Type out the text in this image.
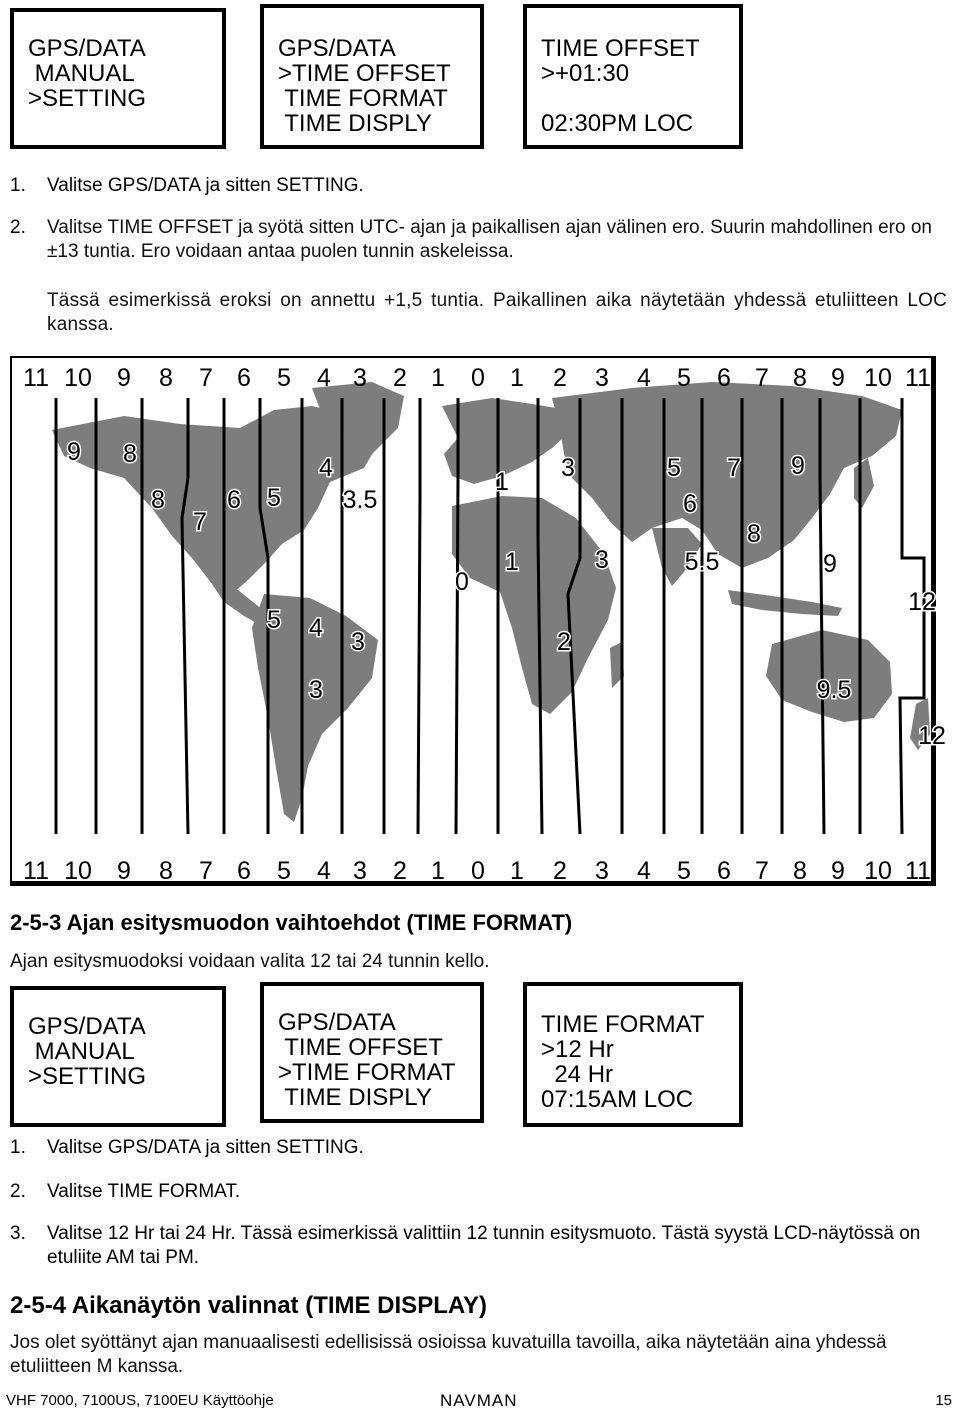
GPS/DATA
MANUAL
>SETTING
GPS/DATA
>TIME OFFSET
TIME FORMAT
TIME DISPLY
TIME OFFSET
>+01:30
02:30PM LOC
1. Valitse GPS/DATA ja sitten SETTING.
2. Valitse TIME OFFSET ja syötä sitten UTC- ajan ja paikallisen ajan välinen ero. Suurin mahdollinen ero on ±13 tuntia. Ero voidaan antaa puolen tunnin askeleissa.
Tässä esimerkissä eroksi on annettu +1,5 tuntia. Paikallinen aika näytetään yhdessä etuliitteen LOC kanssa.
11 10 9 8 7 6 5 4 3 2 1 0 1 2 3 4 5 6 7 8 9 10 11
11 10 9 8 7 6 5 4 3 2 1 0 1 2 3 4 5 6 7 8 9 10 11
9 8
8
7
6 5
4
3.5
1 3	5 7 9
6
8
0
1	3	5.5	9
12
5 4 3	2
3	9.5
12
2-5-3 Ajan esitysmuodon vaihtoehdot (TIME FORMAT)
Ajan esitysmuodoksi voidaan valita 12 tai 24 tunnin kello.
GPS/DATA
MANUAL
>SETTING
GPS/DATA
TIME OFFSET
>TIME FORMAT
TIME DISPLY
TIME FORMAT
>12 Hr
24 Hr
07:15AM LOC
1. Valitse GPS/DATA ja sitten SETTING.
2. Valitse TIME FORMAT.
3. Valitse 12 Hr tai 24 Hr. Tässä esimerkissä valittiin 12 tunnin esitysmuoto. Tästä syystä LCD-näytössä on etuliite AM tai PM.
2-5-4 Aikanäytön valinnat (TIME DISPLAY)
Jos olet syöttänyt ajan manuaalisesti edellisissä osioissa kuvatuilla tavoilla, aika näytetään aina yhdessä etuliitteen M kanssa.
VHF 7000, 7100US, 7100EU Käyttöohje	NAVMAN	15
